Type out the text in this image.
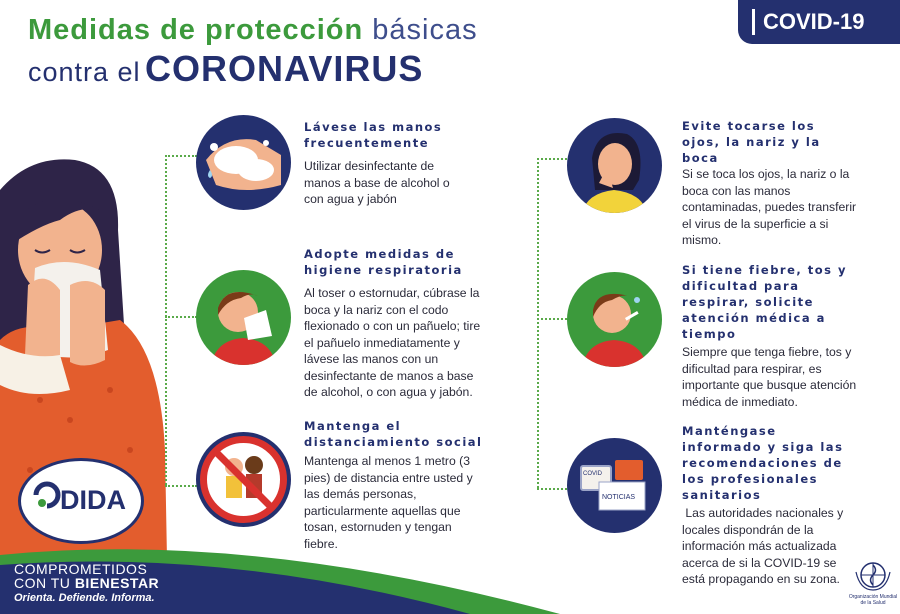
Medidas de protección básicas
contra el CORONAVIRUS
COVID-19
DIDA
COMPROMETIDOS
CON TU BIENESTAR
Orienta. Defiende. Informa.
COVID
NOTICIAS
Lávese las manos
frecuentemente
Utilizar desinfectante de manos a base de alcohol o con agua y jabón
Adopte medidas de
higiene respiratoria
Al toser o estornudar, cúbrase la boca y la nariz con el codo flexionado o con un pañuelo; tire el pañuelo inmediatamente y lávese las manos con un desinfectante de manos a base de alcohol, o con agua y jabón.
Mantenga el
distanciamiento social
Mantenga al menos 1 metro (3 pies) de distancia entre usted y las demás personas, particularmente aquellas que tosan, estornuden y tengan fiebre.
Evite tocarse los
ojos, la nariz y la
boca
Si se toca los ojos, la nariz o la boca con las manos contaminadas, puedes transferir el virus de la superficie a si mismo.
Si tiene fiebre, tos y
dificultad para
respirar, solicite
atención médica a
tiempo
Siempre que tenga fiebre, tos y dificultad para respirar, es importante que busque atención médica de inmediato.
Manténgase
informado y siga las
recomendaciones de
los profesionales
sanitarios
Las autoridades nacionales y locales dispondrán de la información más actualizada acerca de si la COVID-19 se está propagando en su zona.
Organización Mundial de la Salud
